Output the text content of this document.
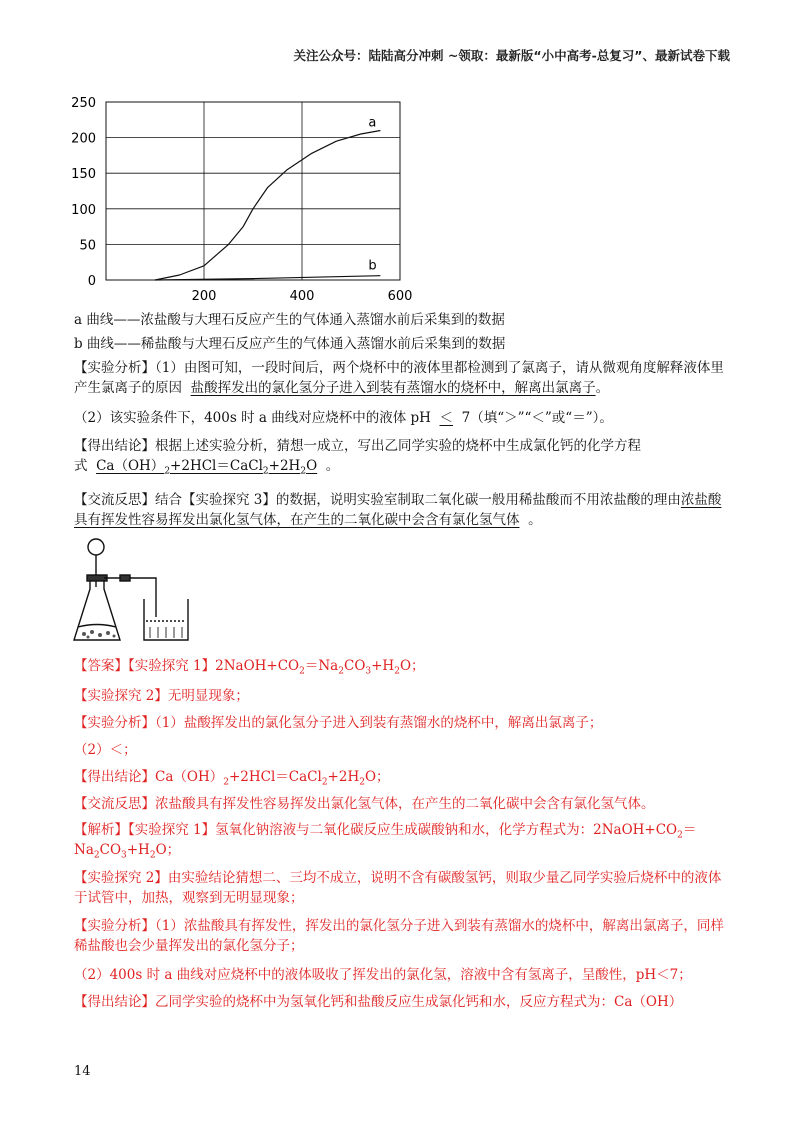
关注公众号：陆陆高分冲刺 ~领取：最新版“小中高考-总复习”、最新试卷下载
0
50
100
150
200
250
200	400	600
a
b
a 曲线——浓盐酸与大理石反应产生的气体通入蒸馏水前后采集到的数据
b 曲线——稀盐酸与大理石反应产生的气体通入蒸馏水前后采集到的数据
【实验分析】（1）由图可知，一段时间后，两个烧杯中的液体里都检测到了氯离子，请从微观角度解释液体里产生氯离子的原因 盐酸挥发出的氯化氢分子进入到装有蒸馏水的烧杯中，解离出氯离子。
（2）该实验条件下，400s 时 a 曲线对应烧杯中的液体 pH ＜ 7（填“＞”“＜”或“＝”）。
【得出结论】根据上述实验分析，猜想一成立，写出乙同学实验的烧杯中生成氯化钙的化学方程式 $Ca(OH)_2+2HCl=CaCl_2+2H_2O$ 。
【交流反思】结合【实验探究 3】的数据，说明实验室制取二氧化碳一般用稀盐酸而不用浓盐酸的理由浓盐酸具有挥发性容易挥发出氯化氢气体，在产生的二氧化碳中会含有氯化氢气体 。
【答案】【实验探究 1】$2NaOH+CO_2=Na_2CO_3+H_2O$；
【实验探究 2】无明显现象；
【实验分析】（1）盐酸挥发出的氯化氢分子进入到装有蒸馏水的烧杯中，解离出氯离子；
（2）＜；
【得出结论】$Ca(OH)_2+2HCl=CaCl_2+2H_2O$；
【交流反思】浓盐酸具有挥发性容易挥发出氯化氢气体，在产生的二氧化碳中会含有氯化氢气体。
【解析】【实验探究 1】氢氧化钠溶液与二氧化碳反应生成碳酸钠和水，化学方程式为：$2NaOH+CO_2= Na_2CO_3+H_2O$；
【实验探究 2】由实验结论猜想二、三均不成立，说明不含有碳酸氢钙，则取少量乙同学实验后烧杯中的液体于试管中，加热，观察到无明显现象；
【实验分析】（1）浓盐酸具有挥发性，挥发出的氯化氢分子进入到装有蒸馏水的烧杯中，解离出氯离子，同样稀盐酸也会少量挥发出的氯化氢分子；
（2）400s 时 a 曲线对应烧杯中的液体吸收了挥发出的氯化氢，溶液中含有氢离子，呈酸性，pH＜7；
【得出结论】乙同学实验的烧杯中为氢氧化钙和盐酸反应生成氯化钙和水，反应方程式为：Ca（OH）
14
